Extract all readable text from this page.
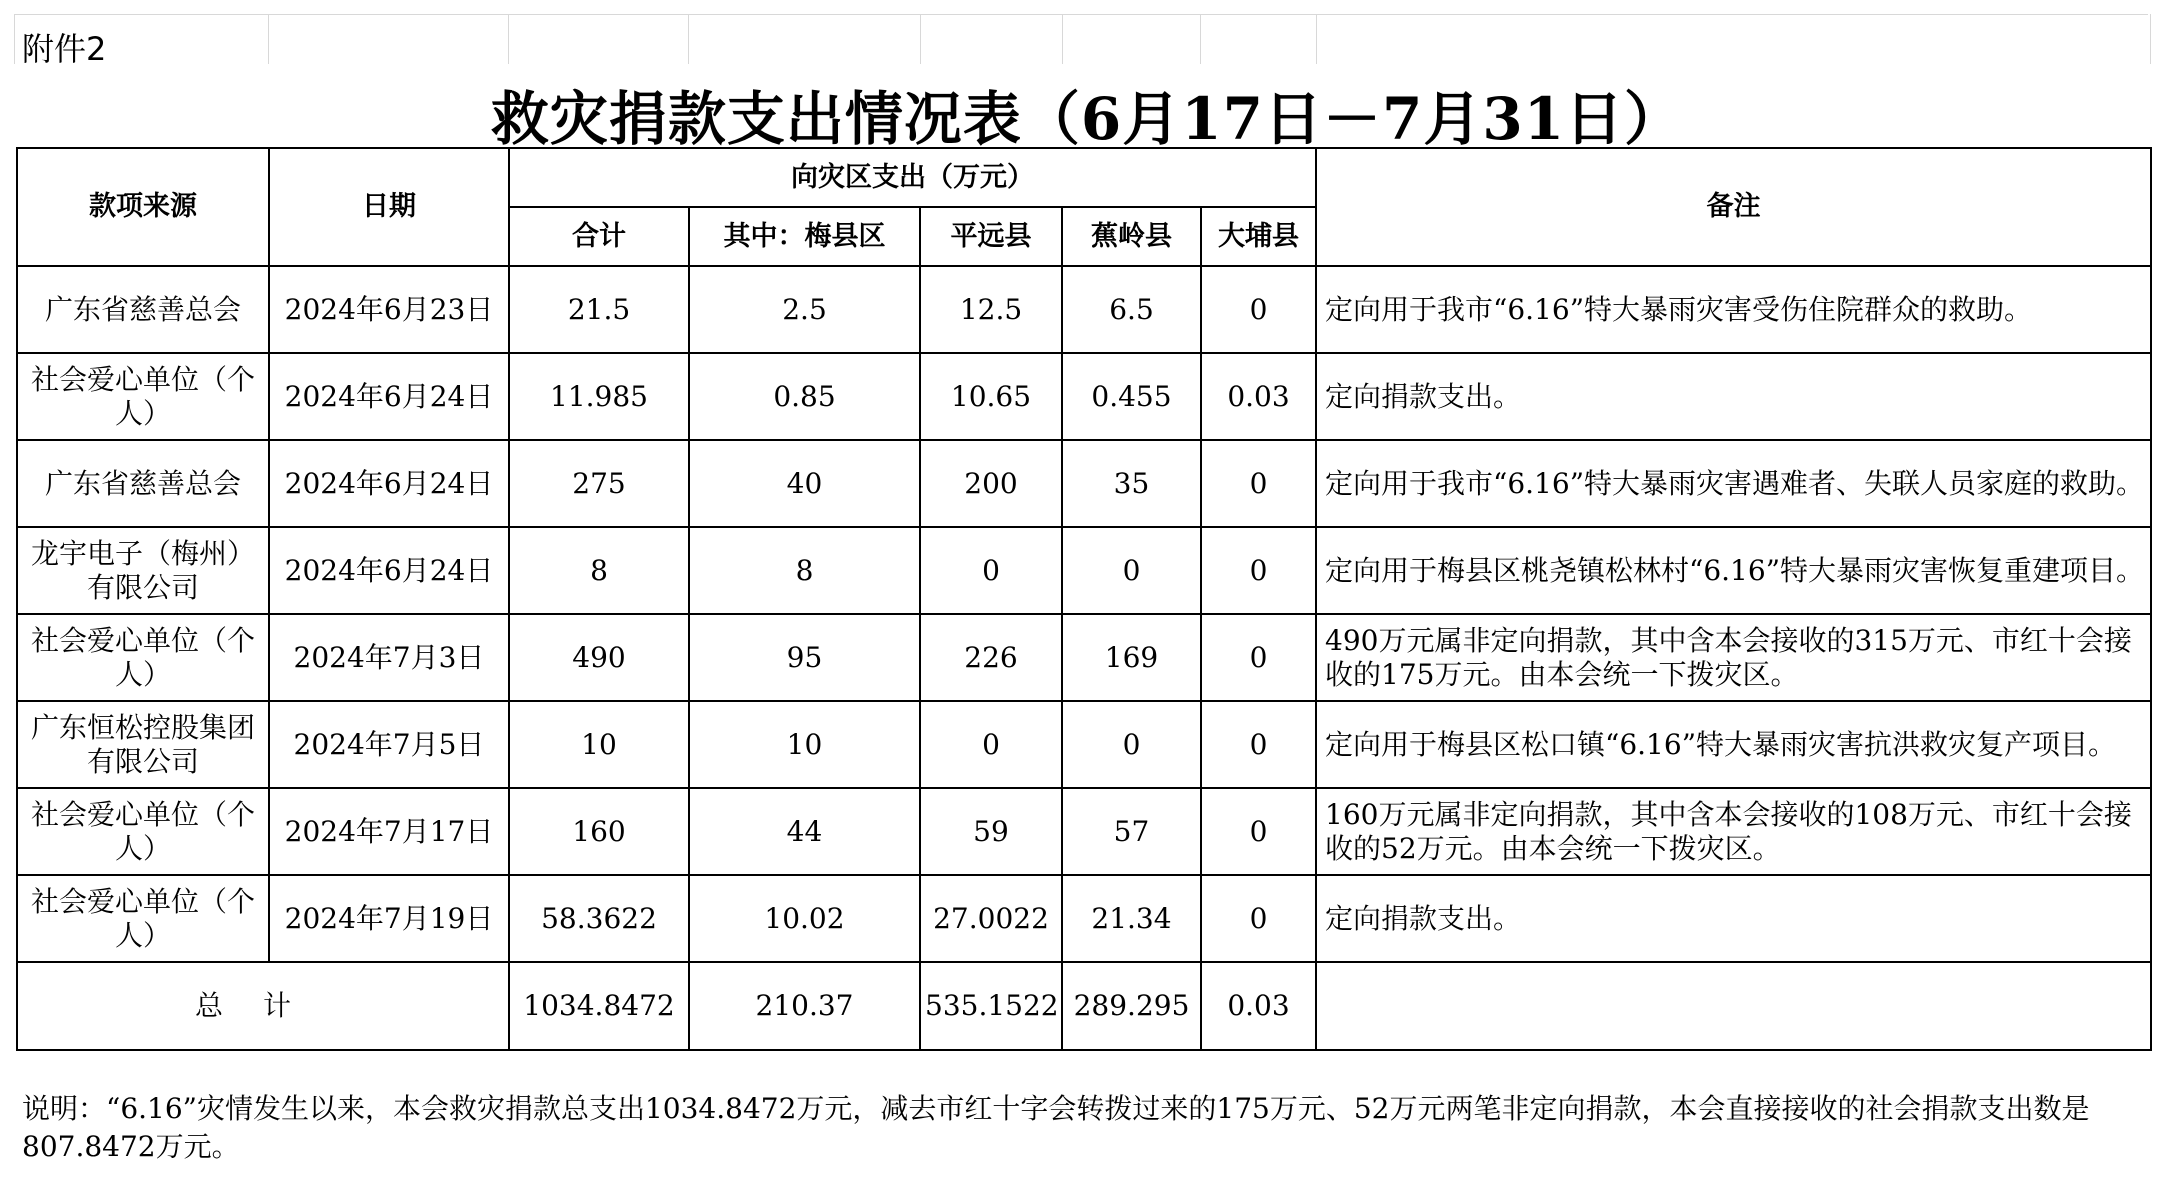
附件2
救灾捐款支出情况表（6月17日－7月31日）
款项来源	日期	向灾区支出（万元）					备注
		合计	其中：梅县区	平远县	蕉岭县	大埔县	
广东省慈善总会	2024年6月23日	21.5	2.5	12.5	6.5	0	定向用于我市“6.16”特大暴雨灾害受伤住院群众的救助。
社会爱心单位（个人）	2024年6月24日	11.985	0.85	10.65	0.455	0.03	定向捐款支出。
广东省慈善总会	2024年6月24日	275	40	200	35	0	定向用于我市“6.16”特大暴雨灾害遇难者、失联人员家庭的救助。
龙宇电子（梅州）有限公司	2024年6月24日	8	8	0	0	0	定向用于梅县区桃尧镇松林村“6.16”特大暴雨灾害恢复重建项目。
社会爱心单位（个人）	2024年7月3日	490	95	226	169	0	490万元属非定向捐款，其中含本会接收的315万元、市红十会接收的175万元。由本会统一下拨灾区。
广东恒松控股集团有限公司	2024年7月5日	10	10	0	0	0	定向用于梅县区松口镇“6.16”特大暴雨灾害抗洪救灾复产项目。
社会爱心单位（个人）	2024年7月17日	160	44	59	57	0	160万元属非定向捐款，其中含本会接收的108万元、市红十会接收的52万元。由本会统一下拨灾区。
社会爱心单位（个人）	2024年7月19日	58.3622	10.02	27.0022	21.34	0	定向捐款支出。
总计		1034.8472	210.37	535.1522	289.295	0.03	
说明：“6.16”灾情发生以来，本会救灾捐款总支出1034.8472万元，减去市红十字会转拨过来的175万元、52万元两笔非定向捐款，本会直接接收的社会捐款支出数是807.8472万元。
